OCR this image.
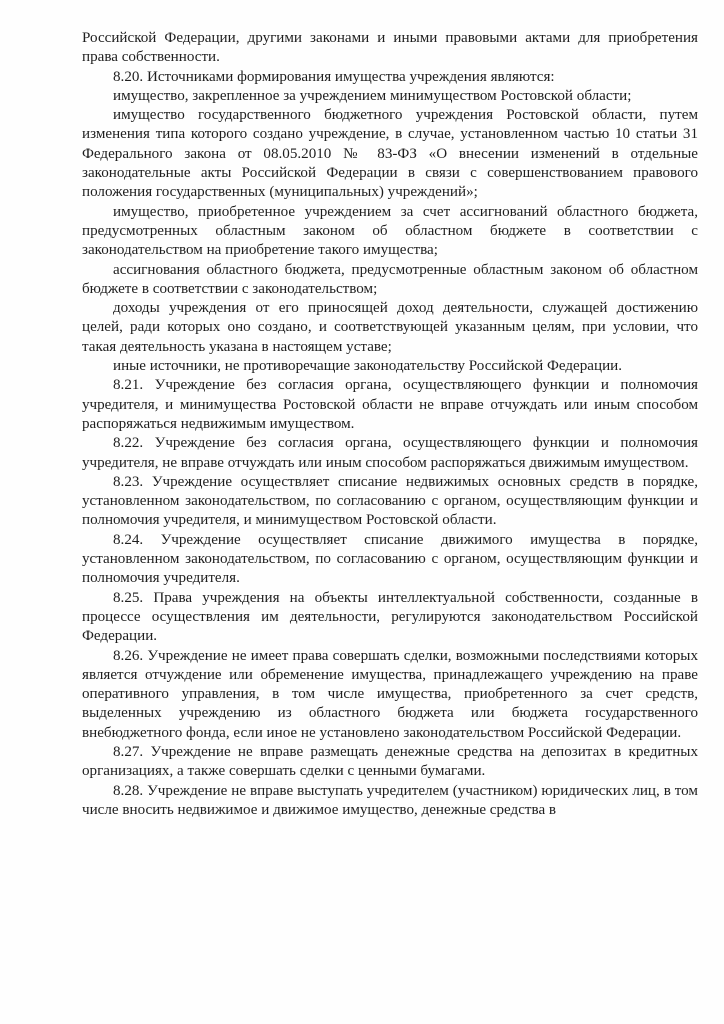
Российской Федерации, другими законами и иными правовыми актами для приобретения права собственности.

8.20. Источниками формирования имущества учреждения являются:

имущество, закрепленное за учреждением минимуществом Ростовской области;

имущество государственного бюджетного учреждения Ростовской области, путем изменения типа которого создано учреждение, в случае, установленном частью 10 статьи 31 Федерального закона от 08.05.2010 № 83-ФЗ «О внесении изменений в отдельные законодательные акты Российской Федерации в связи с совершенствованием правового положения государственных (муниципальных) учреждений»;

имущество, приобретенное учреждением за счет ассигнований областного бюджета, предусмотренных областным законом об областном бюджете в соответствии с законодательством на приобретение такого имущества;

ассигнования областного бюджета, предусмотренные областным законом об областном бюджете в соответствии с законодательством;

доходы учреждения от его приносящей доход деятельности, служащей достижению целей, ради которых оно создано, и соответствующей указанным целям, при условии, что такая деятельность указана в настоящем уставе;

иные источники, не противоречащие законодательству Российской Федерации.

8.21. Учреждение без согласия органа, осуществляющего функции и полномочия учредителя, и минимущества Ростовской области не вправе отчуждать или иным способом распоряжаться недвижимым имуществом.

8.22. Учреждение без согласия органа, осуществляющего функции и полномочия учредителя, не вправе отчуждать или иным способом распоряжаться движимым имуществом.

8.23. Учреждение осуществляет списание недвижимых основных средств в порядке, установленном законодательством, по согласованию с органом, осуществляющим функции и полномочия учредителя, и минимуществом Ростовской области.

8.24. Учреждение осуществляет списание движимого имущества в порядке, установленном законодательством, по согласованию с органом, осуществляющим функции и полномочия учредителя.

8.25. Права учреждения на объекты интеллектуальной собственности, созданные в процессе осуществления им деятельности, регулируются законодательством Российской Федерации.

8.26. Учреждение не имеет права совершать сделки, возможными последствиями которых является отчуждение или обременение имущества, принадлежащего учреждению на праве оперативного управления, в том числе имущества, приобретенного за счет средств, выделенных учреждению из областного бюджета или бюджета государственного внебюджетного фонда, если иное не установлено законодательством Российской Федерации.

8.27. Учреждение не вправе размещать денежные средства на депозитах в кредитных организациях, а также совершать сделки с ценными бумагами.

8.28. Учреждение не вправе выступать учредителем (участником) юридических лиц, в том числе вносить недвижимое и движимое имущество, денежные средства в
